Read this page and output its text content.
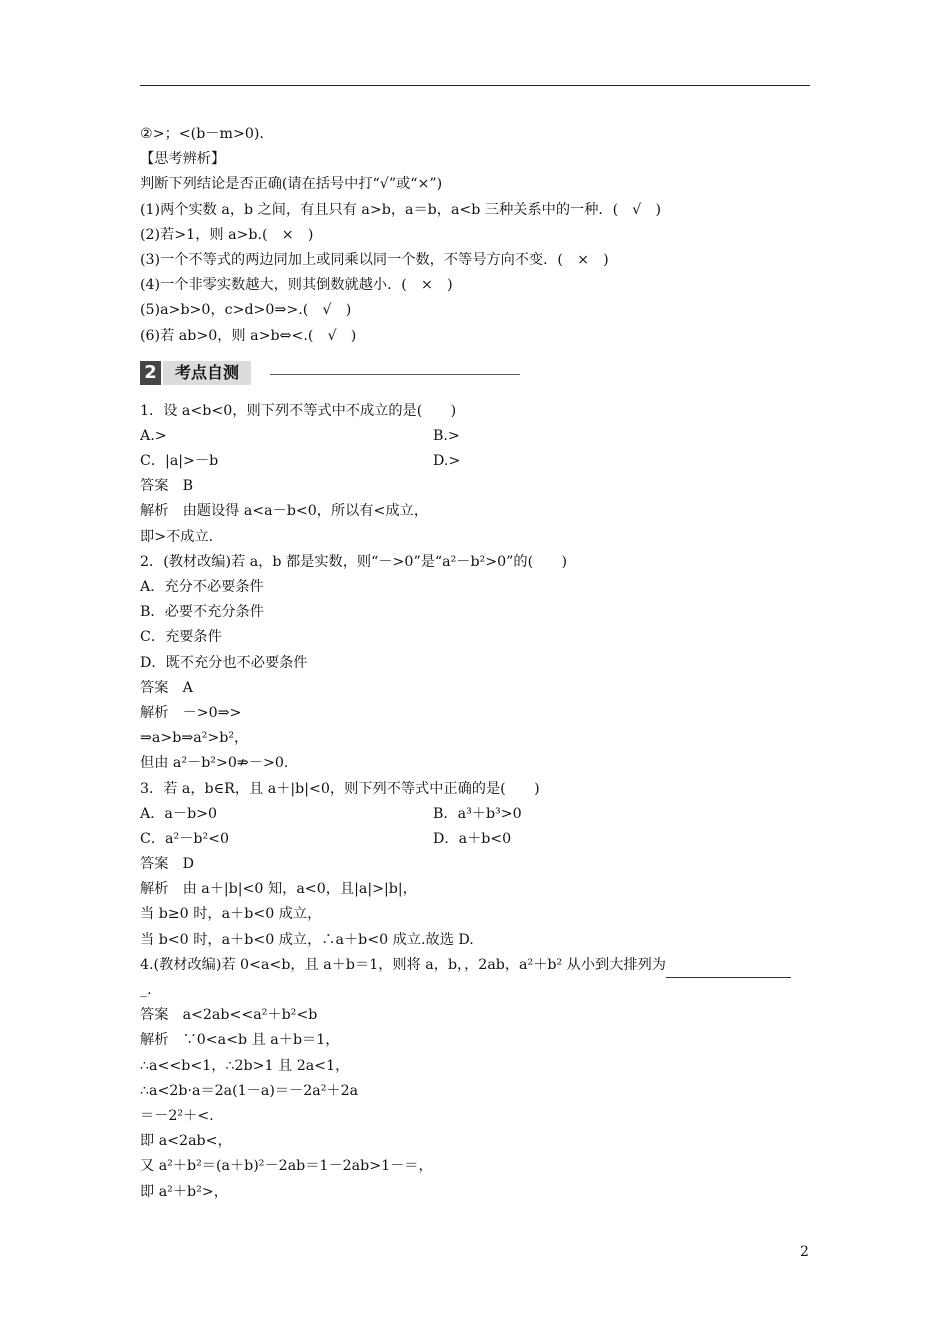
②>；<(b－m>0)．
【思考辨析】
判断下列结论是否正确(请在括号中打“√”或“×”)
(1)两个实数 a，b 之间，有且只有 a>b，a＝b，a<b 三种关系中的一种．(　√　)
(2)若>1，则 a>b.(　×　)
(3)一个不等式的两边同加上或同乘以同一个数，不等号方向不变．(　×　)
(4)一个非零实数越大，则其倒数就越小．(　×　)
(5)a>b>0，c>d>0⇒>.(　√　)
(6)若 ab>0，则 a>b⇔<.(　√　)
2	考点自测
1．设 a<b<0，则下列不等式中不成立的是(　　)
A.>	B.>
C．|a|>－b	D.>
答案　B
解析　由题设得 a<a－b<0，所以有<成立，
即>不成立.
2．(教材改编)若 a，b 都是实数，则“－>0”是“a²－b²>0”的(　　)
A．充分不必要条件
B．必要不充分条件
C．充要条件
D．既不充分也不必要条件
答案　A
解析　－>0⇒>
⇒a>b⇒a²>b²，
但由 a²－b²>0⇏－>0.
3．若 a，b∈R，且 a＋|b|<0，则下列不等式中正确的是(　　)
A．a－b>0	B．a³＋b³>0
C．a²－b²<0	D．a＋b<0
答案　D
解析　由 a＋|b|<0 知，a<0，且|a|>|b|，
当 b≥0 时，a＋b<0 成立，
当 b<0 时，a＋b<0 成立，∴a＋b<0 成立.故选 D.
4.(教材改编)若 0<a<b，且 a＋b＝1，则将 a，b，，2ab，a²＋b² 从小到大排列为
_.
答案　a<2ab<<a²＋b²<b
解析　∵0<a<b 且 a＋b＝1，
∴a<<b<1，∴2b>1 且 2a<1，
∴a<2b·a＝2a(1－a)＝－2a²＋2a
＝－2²＋<.
即 a<2ab<，
又 a²＋b²＝(a＋b)²－2ab＝1－2ab>1－＝，
即 a²＋b²>，
2
